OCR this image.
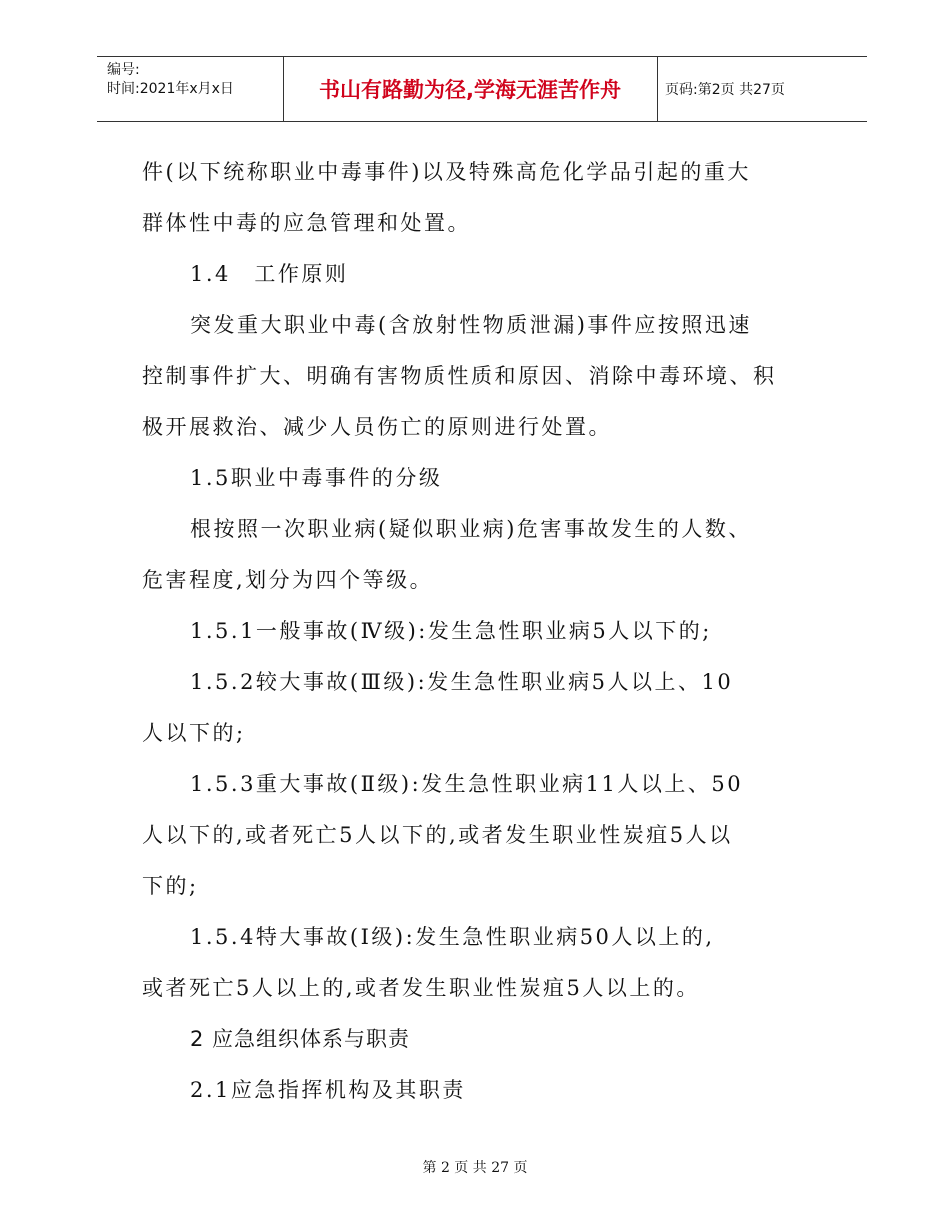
编号:
时间:2021年x月x日	书山有路勤为径,学海无涯苦作舟	页码:第2页 共27页
件(以下统称职业中毒事件)以及特殊高危化学品引起的重大
群体性中毒的应急管理和处置。
1.4　工作原则
突发重大职业中毒(含放射性物质泄漏)事件应按照迅速
控制事件扩大、明确有害物质性质和原因、消除中毒环境、积
极开展救治、减少人员伤亡的原则进行处置。
1.5职业中毒事件的分级
根按照一次职业病(疑似职业病)危害事故发生的人数、
危害程度,划分为四个等级。
1.5.1一般事故(Ⅳ级):发生急性职业病5人以下的;
1.5.2较大事故(Ⅲ级):发生急性职业病5人以上、10
人以下的;
1.5.3重大事故(Ⅱ级):发生急性职业病11人以上、50
人以下的,或者死亡5人以下的,或者发生职业性炭疽5人以
下的;
1.5.4特大事故(Ⅰ级):发生急性职业病50人以上的,
或者死亡5人以上的,或者发生职业性炭疽5人以上的。
2 应急组织体系与职责
2.1应急指挥机构及其职责
第 2 页 共 27 页
